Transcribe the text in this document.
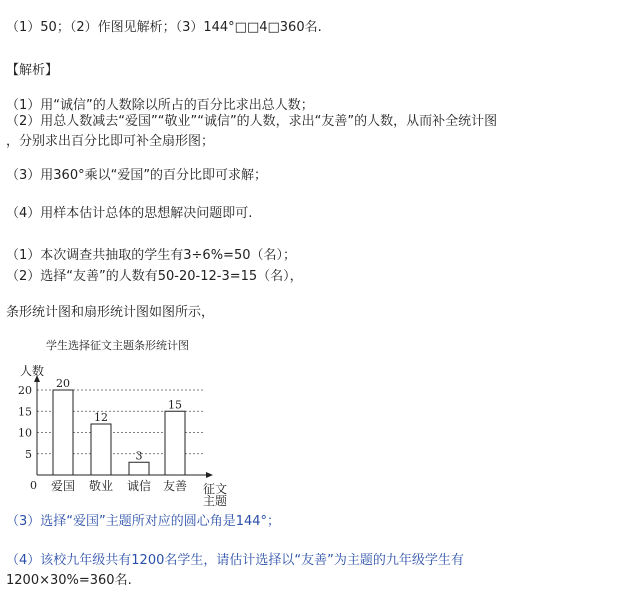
（1）50；（2）作图见解析；（3）144°□□4□360名.
【解析】
（1）用“诚信”的人数除以所占的百分比求出总人数；
（2）用总人数减去“爱国”“敬业”“诚信”的人数，求出“友善”的人数，从而补全统计图
，分别求出百分比即可补全扇形图；
（3）用360°乘以“爱国”的百分比即可求解；
（4）用样本估计总体的思想解决问题即可.
（1）本次调查共抽取的学生有3÷6%=50（名）；
（2）选择“友善”的人数有50-20-12-3=15（名），
条形统计图和扇形统计图如图所示，
学生选择征文主题条形统计图
5
10
15
20
人数
征文
主题
0
20
爱国
12
敬业
3
诚信
15
友善
（3）选择“爱国”主题所对应的圆心角是144°；
（4）该校九年级共有1200名学生，请估计选择以“友善”为主题的九年级学生有
1200×30%=360名.
